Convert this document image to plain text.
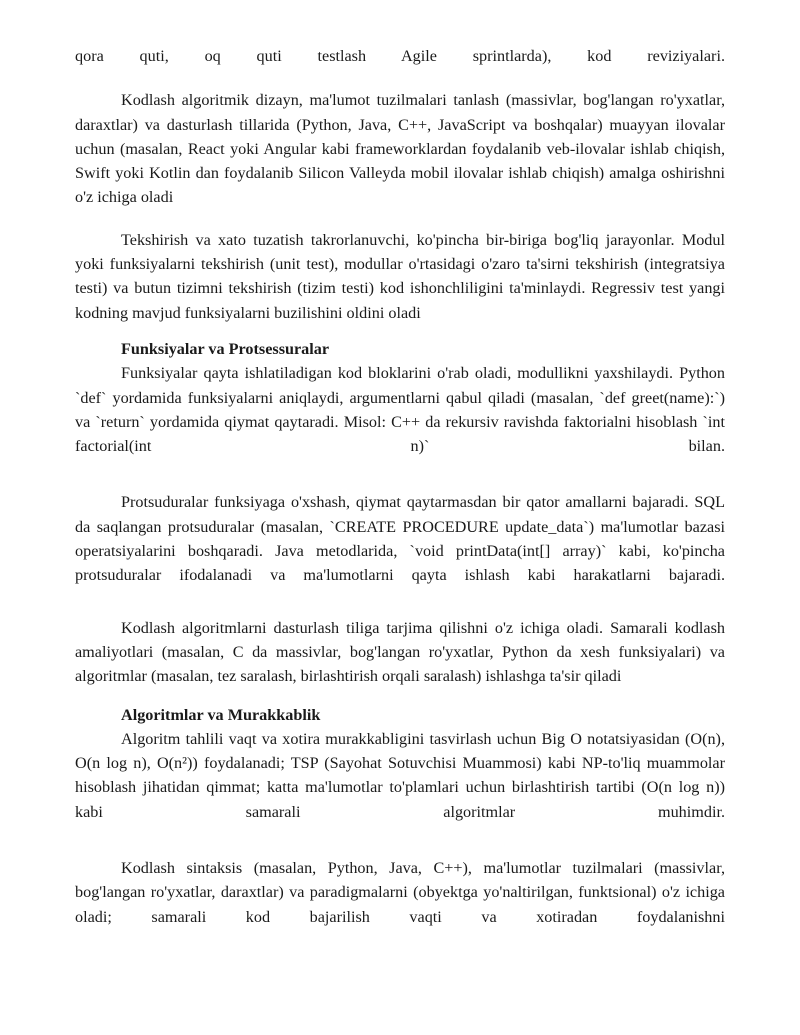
qora quti, oq quti testlash Agile sprintlarda), kod reviziyalari.

Kodlash algoritmik dizayn, ma'lumot tuzilmalari tanlash (massivlar, bog'langan ro'yxatlar, daraxtlar) va dasturlash tillarida (Python, Java, C++, JavaScript va boshqalar) muayyan ilovalar uchun (masalan, React yoki Angular kabi frameworklardan foydalanib veb-ilovalar ishlab chiqish, Swift yoki Kotlin dan foydalanib Silicon Valleyda mobil ilovalar ishlab chiqish) amalga oshirishni o'z ichiga oladi

Tekshirish va xato tuzatish takrorlanuvchi, ko'pincha bir-biriga bog'liq jarayonlar. Modul yoki funksiyalarni tekshirish (unit test), modullar o'rtasidagi o'zaro ta'sirni tekshirish (integratsiya testi) va butun tizimni tekshirish (tizim testi) kod ishonchliligini ta'minlaydi. Regressiv test yangi kodning mavjud funksiyalarni buzilishini oldini oladi

Funksiyalar va Protsessuralar

Funksiyalar qayta ishlatiladigan kod bloklarini o'rab oladi, modullikni yaxshilaydi. Python `def` yordamida funksiyalarni aniqlaydi, argumentlarni qabul qiladi (masalan, `def greet(name):`) va `return` yordamida qiymat qaytaradi. Misol: C++ da rekursiv ravishda faktorialni hisoblash `int factorial(int n)` bilan.

Protsuduralar funksiyaga o'xshash, qiymat qaytarmasdan bir qator amallarni bajaradi. SQL da saqlangan protsuduralar (masalan, `CREATE PROCEDURE update_data`) ma'lumotlar bazasi operatsiyalarini boshqaradi. Java metodlarida, `void printData(int[] array)` kabi, ko'pincha protsuduralar ifodalanadi va ma'lumotlarni qayta ishlash kabi harakatlarni bajaradi.

Kodlash algoritmlarni dasturlash tiliga tarjima qilishni o'z ichiga oladi. Samarali kodlash amaliyotlari (masalan, C da massivlar, bog'langan ro'yxatlar, Python da xesh funksiyalari) va algoritmlar (masalan, tez saralash, birlashtirish orqali saralash) ishlashga ta'sir qiladi

Algoritmlar va Murakkablik

Algoritm tahlili vaqt va xotira murakkabligini tasvirlash uchun Big O notatsiyasidan (O(n), O(n log n), O(n²)) foydalanadi; TSP (Sayohat Sotuvchisi Muammosi) kabi NP-to'liq muammolar hisoblash jihatidan qimmat; katta ma'lumotlar to'plamlari uchun birlashtirish tartibi (O(n log n)) kabi samarali algoritmlar muhimdir.

Kodlash sintaksis (masalan, Python, Java, C++), ma'lumotlar tuzilmalari (massivlar, bog'langan ro'yxatlar, daraxtlar) va paradigmalarni (obyektga yo'naltirilgan, funktsional) o'z ichiga oladi; samarali kod bajarilish vaqti va xotiradan foydalanishni
